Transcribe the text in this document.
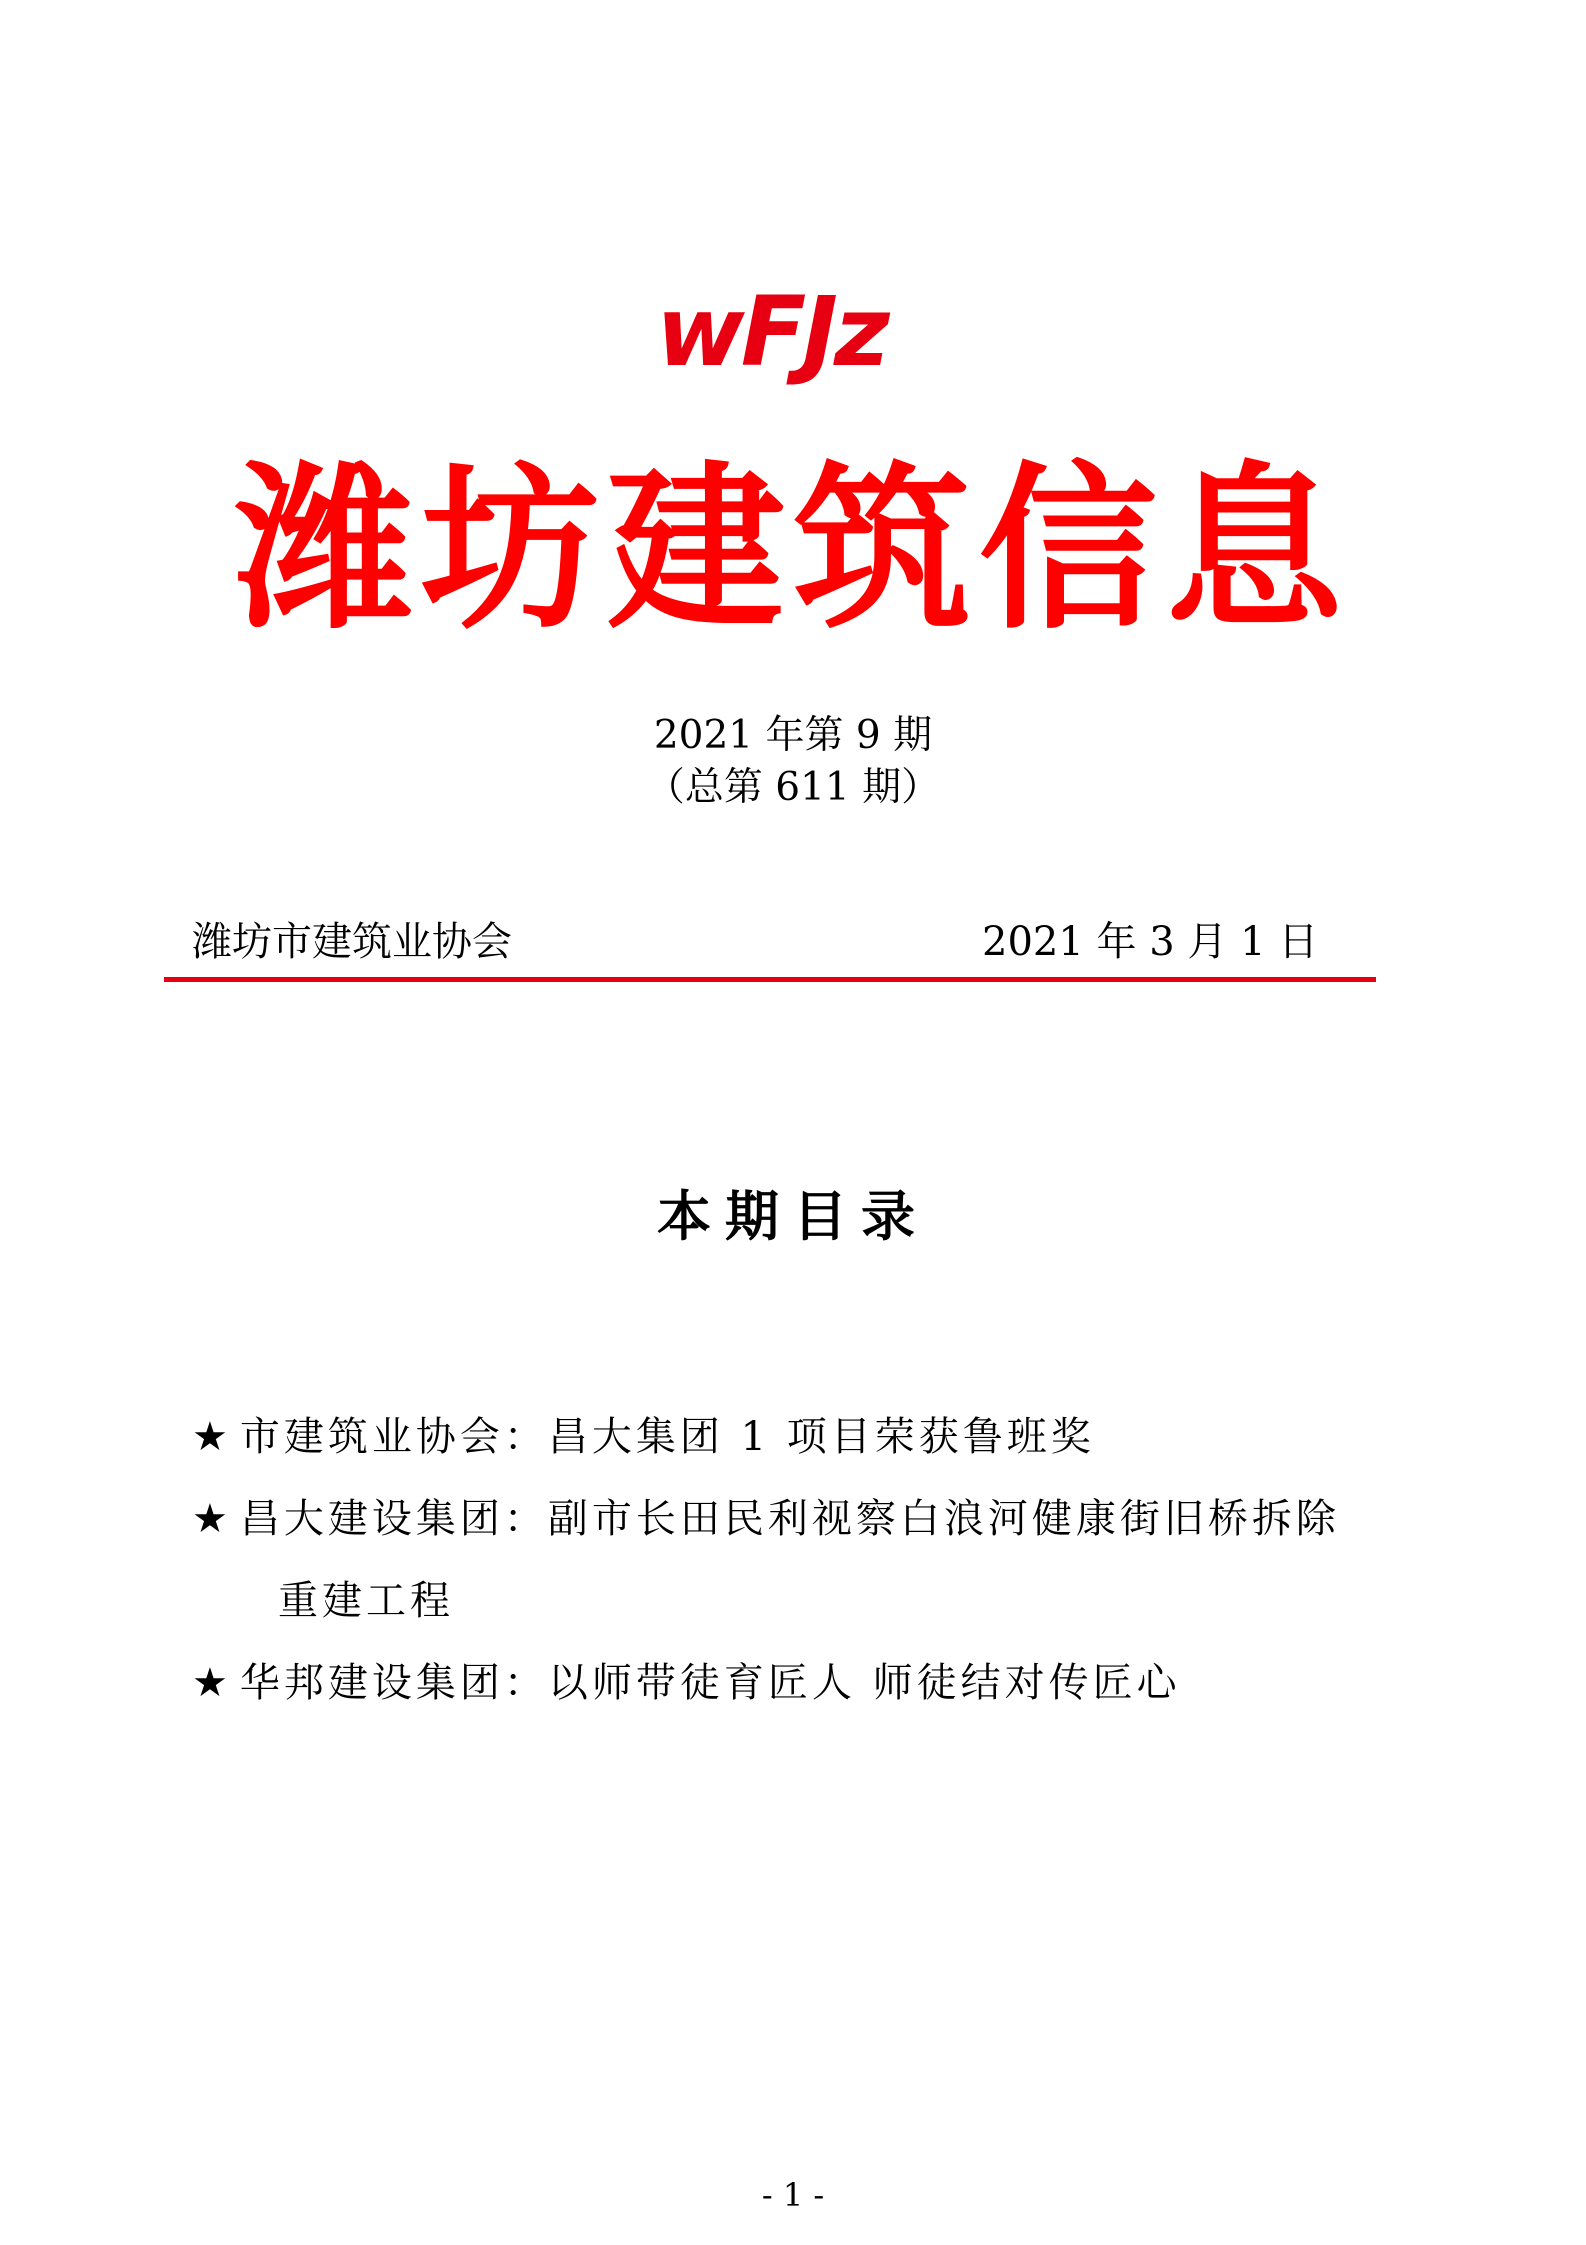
wFJz
潍坊建筑信息
2021 年第 9 期
（总第 611 期）
潍坊市建筑业协会	2021 年 3 月 1 日
本期目录
★ 市建筑业协会：昌大集团 1 项目荣获鲁班奖
★ 昌大建设集团：副市长田民利视察白浪河健康街旧桥拆除
重建工程
★ 华邦建设集团：以师带徒育匠人 师徒结对传匠心
- 1 -
